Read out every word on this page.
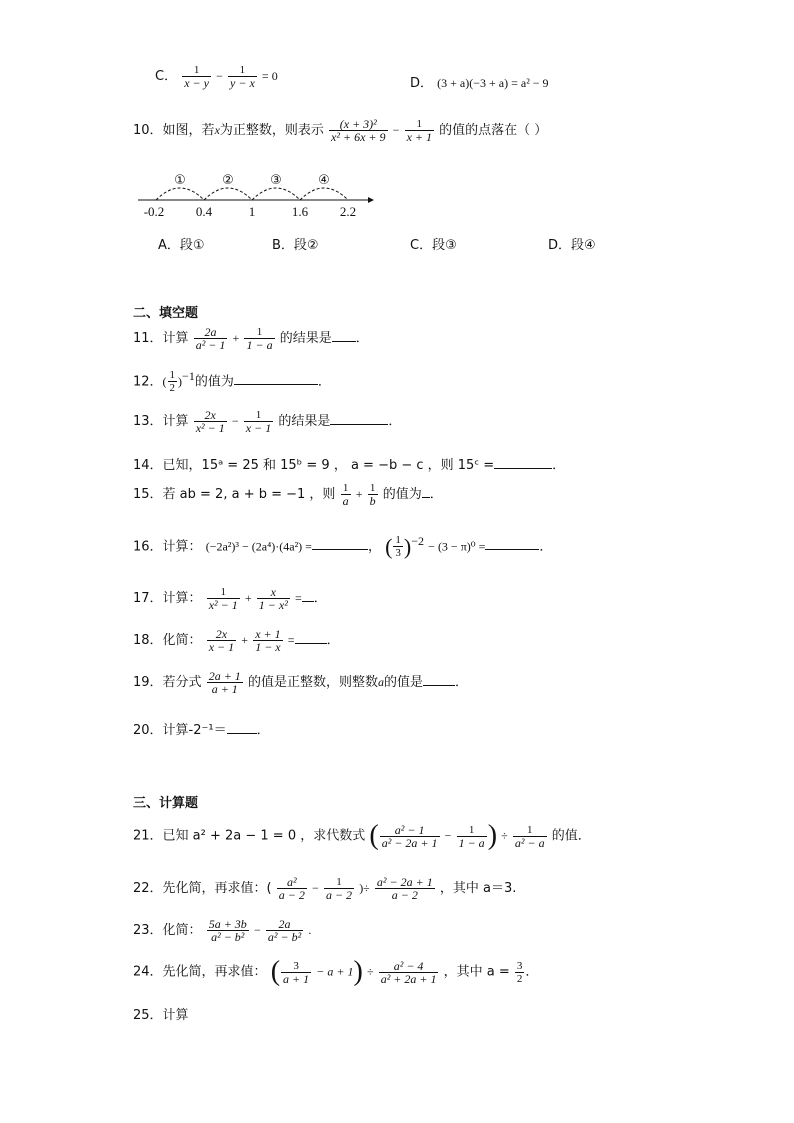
C． $\frac{1}{x - y} - \frac{1}{y - x} = 0$	D． (3 + a)(−3 + a) = a² − 9
10．如图，若x为正整数，则表示 $\frac{\text{(x + 3)²}}{\text{x² + 6x + 9}} - \frac{1}{x + 1}$ 的值的点落在（ ）
①	②	③	④
-0.2 0.4	1	1.6 2.2
A．段①	B．段②	C．段③	D．段④
二、填空题
11．计算 $\frac{2a}{\text{a² − 1}} + \frac{1}{1 - a}$ 的结果是 ．
12．( $\frac{1}{2} )^{-1}$的值为	．
13．计算 $\frac{2x}{\text{x² − 1}} - \frac{1}{x - 1}$ 的结果是	．
14．已知，15ᵃ = 25 和 15ᵇ = 9 ， a = −b − c ，则 15ᶜ =	．
15．若 ab = 2, a + b = −1 ，则 $\frac{1}{a} + \frac{1}{b}$ 的值为 ．
16．计算： (−2a²)³ − (2a⁴)·(4a²) =	， ( $\frac{1}{3} )^{-2} - (3 - \pi)^0$ =	．
17．计算： $\frac{1}{\text{x² − 1}} + \frac{x}{\text{1 − x²}}$ = ．
18．化简： $\frac{2x}{x - 1} + \frac{x + 1}{1 - x}$ = ．
19．若分式 $\frac{2a + 1}{a + 1}$ 的值是正整数，则整数a的值是 ．
20．计算-2⁻¹＝ ．
三、计算题
21．已知 a² + 2a − 1 = 0 ，求代数式 ( $\frac{\text{a² − 1}}{\text{a² − 2a + 1}} - \frac{1}{1 - a}$ ) ÷ $\frac{1}{\text{a² − a}}$ 的值．
22．先化简，再求值：( $\frac{\text{a²}}{a - 2} - \frac{1}{a - 2}$ )÷ $\frac{\text{a² − 2a + 1}}{a - 2}$ ，其中 a＝3.
23．化简： $\frac{5a + 3b}{\text{a² − b²}} - \frac{2a}{\text{a² − b²}}$ .
24．先化简，再求值： ( $\frac{3}{a + 1} - a + 1) \div \frac{\text{a² − 4}}{\text{a² + 2a + 1}}$ ，其中 $a = \frac{3}{2}$ ．
25．计算
